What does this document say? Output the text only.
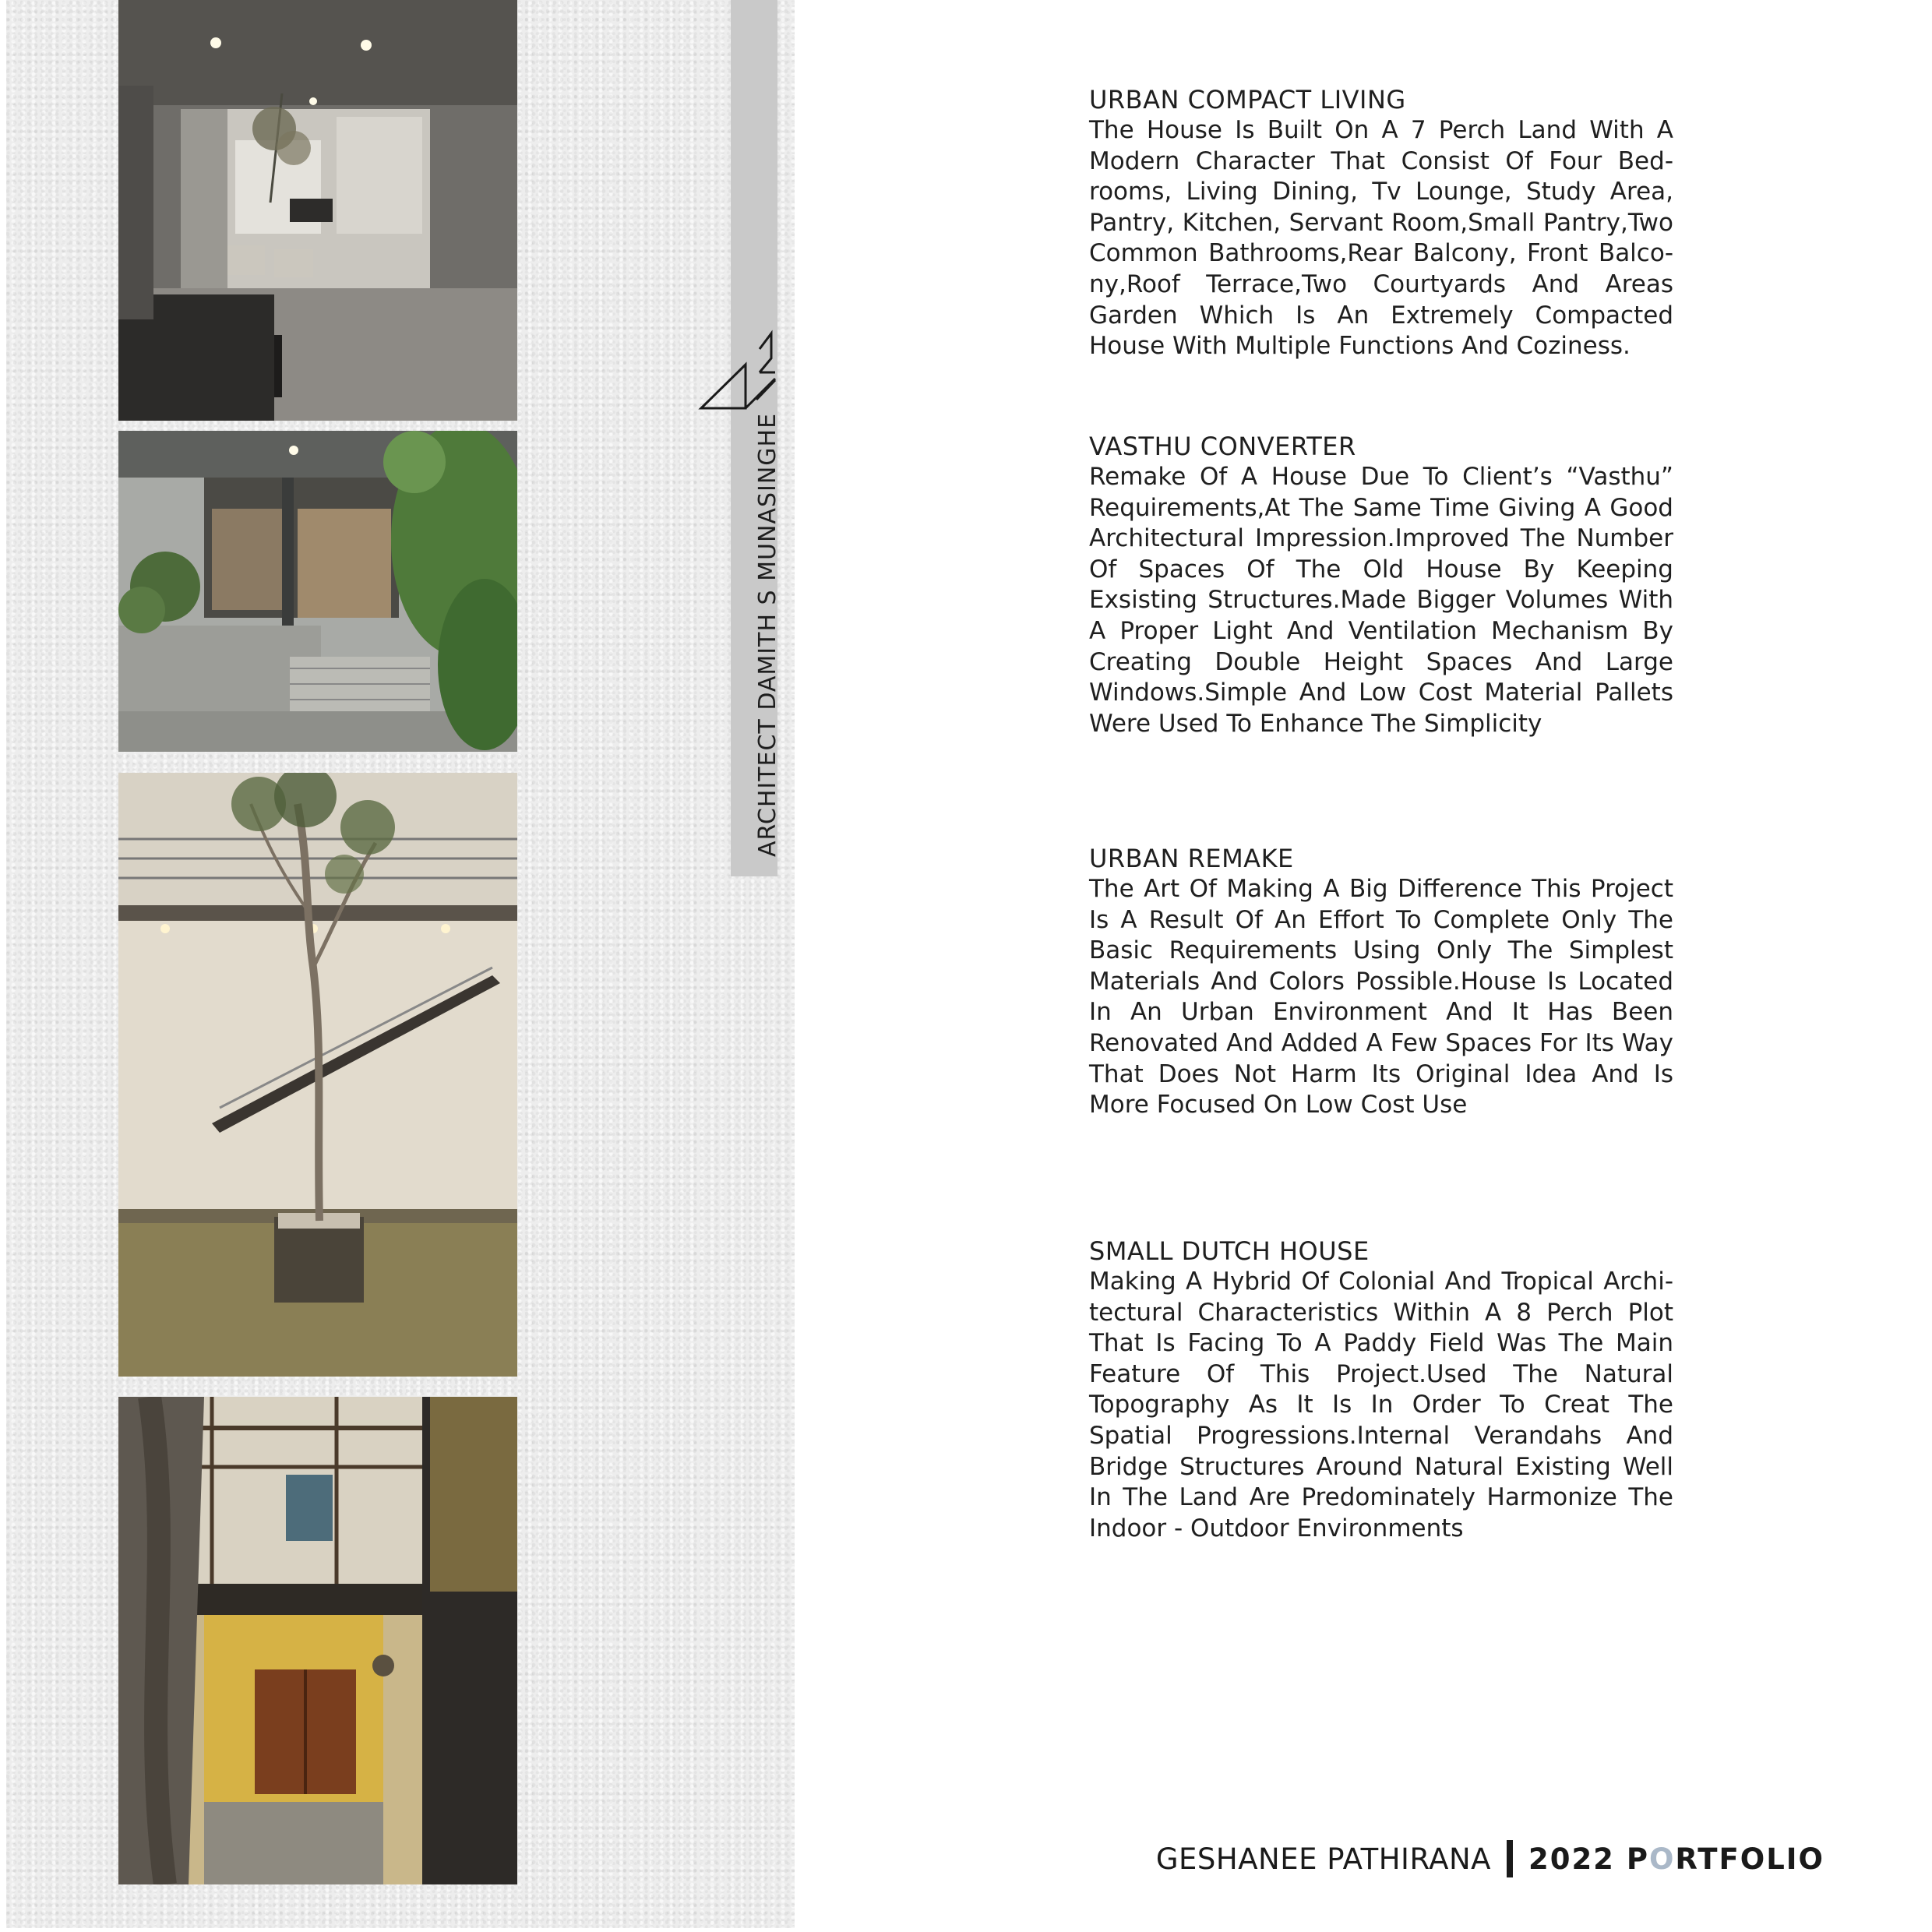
ARCHITECT DAMITH S MUNASINGHE
URBAN COMPACT LIVING

The House Is Built On A 7 Perch Land With A Modern Character That Consist Of Four Bedrooms, Living Dining, Tv Lounge, Study Area, Pantry, Kitchen, Servant Room,Small Pantry,Two Common Bathrooms,Rear Balcony, Front Balcony,Roof Terrace,Two Courtyards And Areas Garden Which Is An Extremely Compacted House With Multiple Functions And Coziness.

VASTHU CONVERTER

Remake Of A House Due To Client’s “Vasthu” Requirements,At The Same Time Giving A Good Architectural Impression.Improved The Number Of Spaces Of The Old House By Keeping Exsisting Structures.Made Bigger Volumes With A Proper Light And Ventilation Mechanism By Creating Double Height Spaces And Large Windows.Simple And Low Cost Material Pallets Were Used To Enhance The Simplicity

URBAN REMAKE

The Art Of Making A Big Difference This Project Is A Result Of An Effort To Complete Only The Basic Requirements Using Only The Simplest Materials And Colors Possible.House Is Located In An Urban Environment And It Has Been Renovated And Added A Few Spaces For Its Way That Does Not Harm Its Original Idea And Is More Focused On Low Cost Use

SMALL DUTCH HOUSE

Making A Hybrid Of Colonial And Tropical Architectural Characteristics Within A 8 Perch Plot That Is Facing To A Paddy Field Was The Main Feature Of This Project.Used The Natural Topography As It Is In Order To Creat The Spatial Progressions.Internal Verandahs And Bridge Structures Around Natural Existing Well In The Land Are Predominately Harmonize The Indoor - Outdoor Environments

GESHANEE PATHIRANA 2022 PORTFOLIO
